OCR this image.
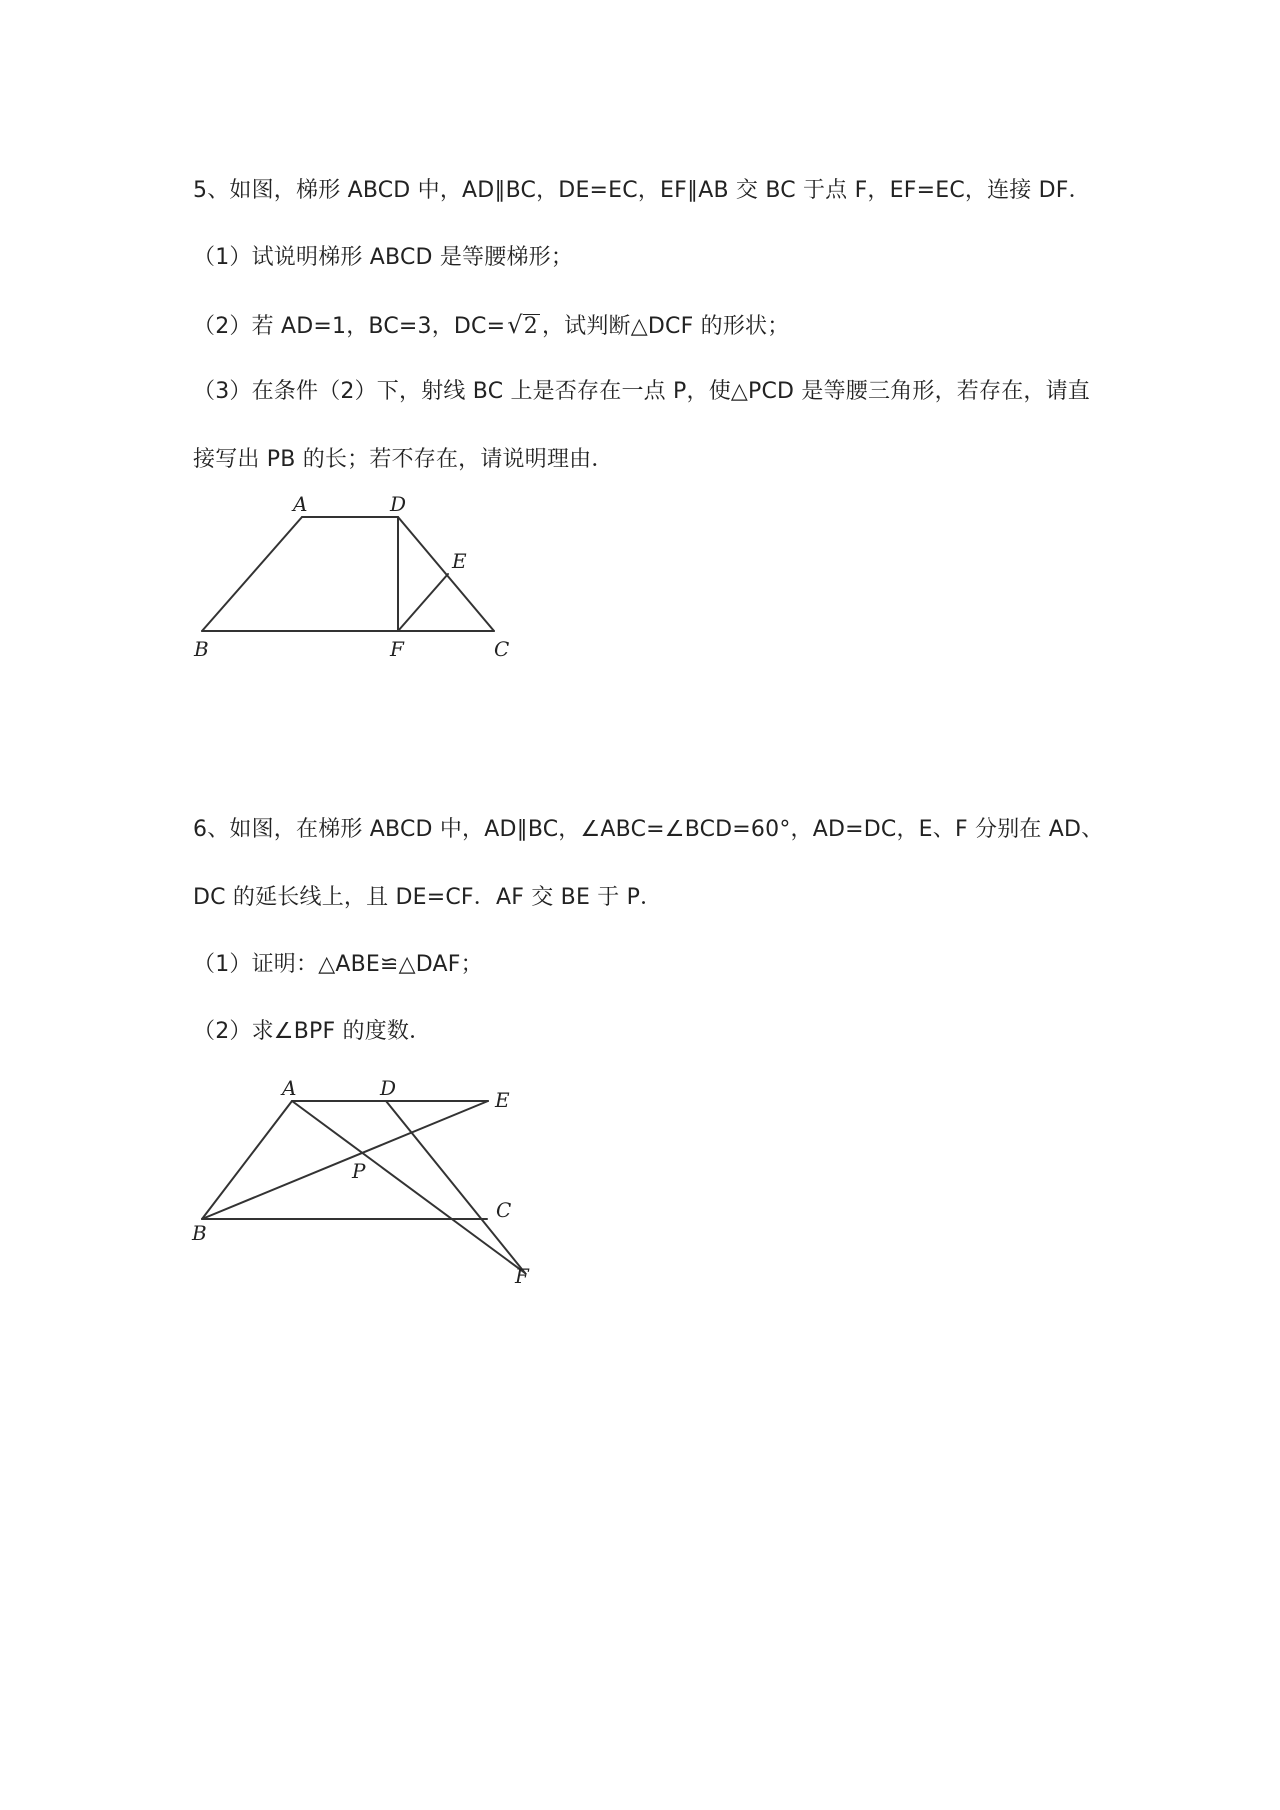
5、如图，梯形 ABCD 中，AD∥BC，DE=EC，EF∥AB 交 BC 于点 F，EF=EC，连接 DF．
（1）试说明梯形 ABCD 是等腰梯形；
（2）若 AD=1，BC=3，DC=√2 ，试判断△DCF 的形状；
（3）在条件（2）下，射线 BC 上是否存在一点 P，使△PCD 是等腰三角形，若存在，请直
接写出 PB 的长；若不存在，请说明理由．
A	D
E
B	F	C
6、如图，在梯形 ABCD 中，AD∥BC，∠ABC=∠BCD=60°，AD=DC，E、F 分别在 AD、
DC 的延长线上，且 DE=CF．AF 交 BE 于 P．
（1）证明：△ABE≌△DAF；
（2）求∠BPF 的度数．
A	D	E
P
B
C
F
